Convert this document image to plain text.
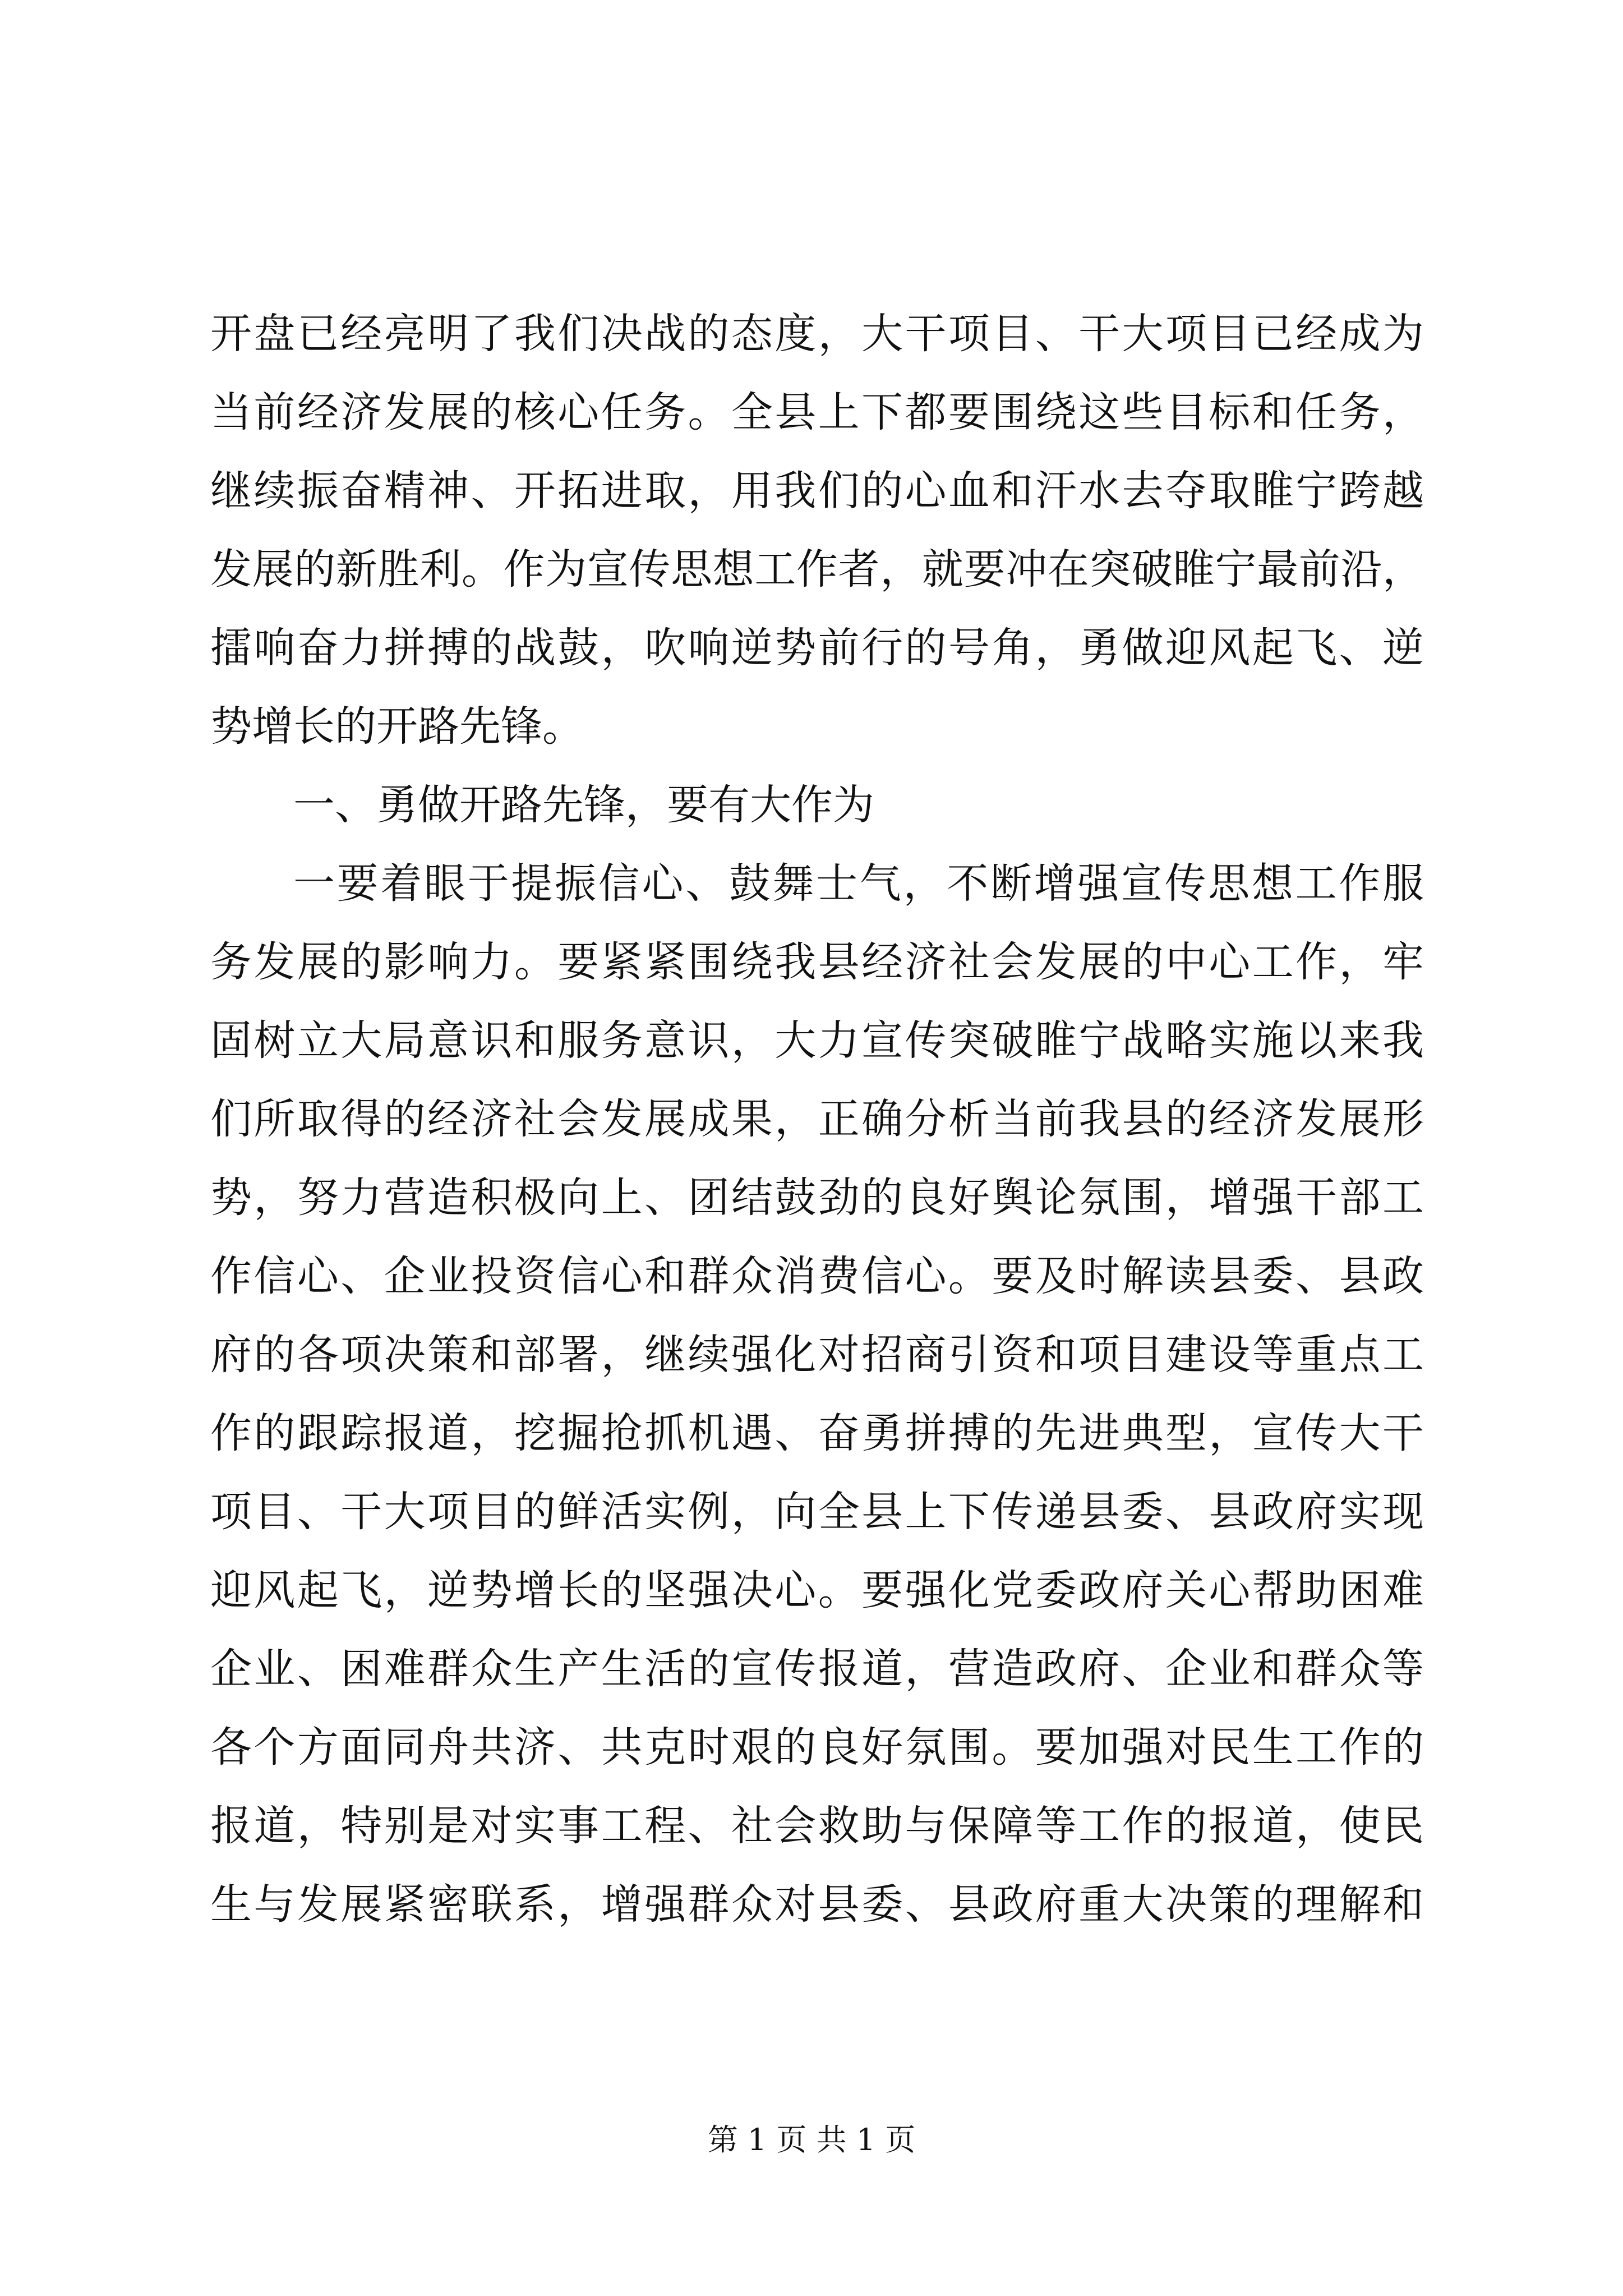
开盘已经亮明了我们决战的态度，大干项目、干大项目已经成为
当前经济发展的核心任务。全县上下都要围绕这些目标和任务，
继续振奋精神、开拓进取，用我们的心血和汗水去夺取睢宁跨越
发展的新胜利。作为宣传思想工作者，就要冲在突破睢宁最前沿，
擂响奋力拼搏的战鼓，吹响逆势前行的号角，勇做迎风起飞、逆
势增长的开路先锋。
一、勇做开路先锋，要有大作为
一要着眼于提振信心、鼓舞士气，不断增强宣传思想工作服
务发展的影响力。要紧紧围绕我县经济社会发展的中心工作，牢
固树立大局意识和服务意识，大力宣传突破睢宁战略实施以来我
们所取得的经济社会发展成果，正确分析当前我县的经济发展形
势，努力营造积极向上、团结鼓劲的良好舆论氛围，增强干部工
作信心、企业投资信心和群众消费信心。要及时解读县委、县政
府的各项决策和部署，继续强化对招商引资和项目建设等重点工
作的跟踪报道，挖掘抢抓机遇、奋勇拼搏的先进典型，宣传大干
项目、干大项目的鲜活实例，向全县上下传递县委、县政府实现
迎风起飞，逆势增长的坚强决心。要强化党委政府关心帮助困难
企业、困难群众生产生活的宣传报道，营造政府、企业和群众等
各个方面同舟共济、共克时艰的良好氛围。要加强对民生工作的
报道，特别是对实事工程、社会救助与保障等工作的报道，使民
生与发展紧密联系，增强群众对县委、县政府重大决策的理解和
第 1 页 共 1 页
